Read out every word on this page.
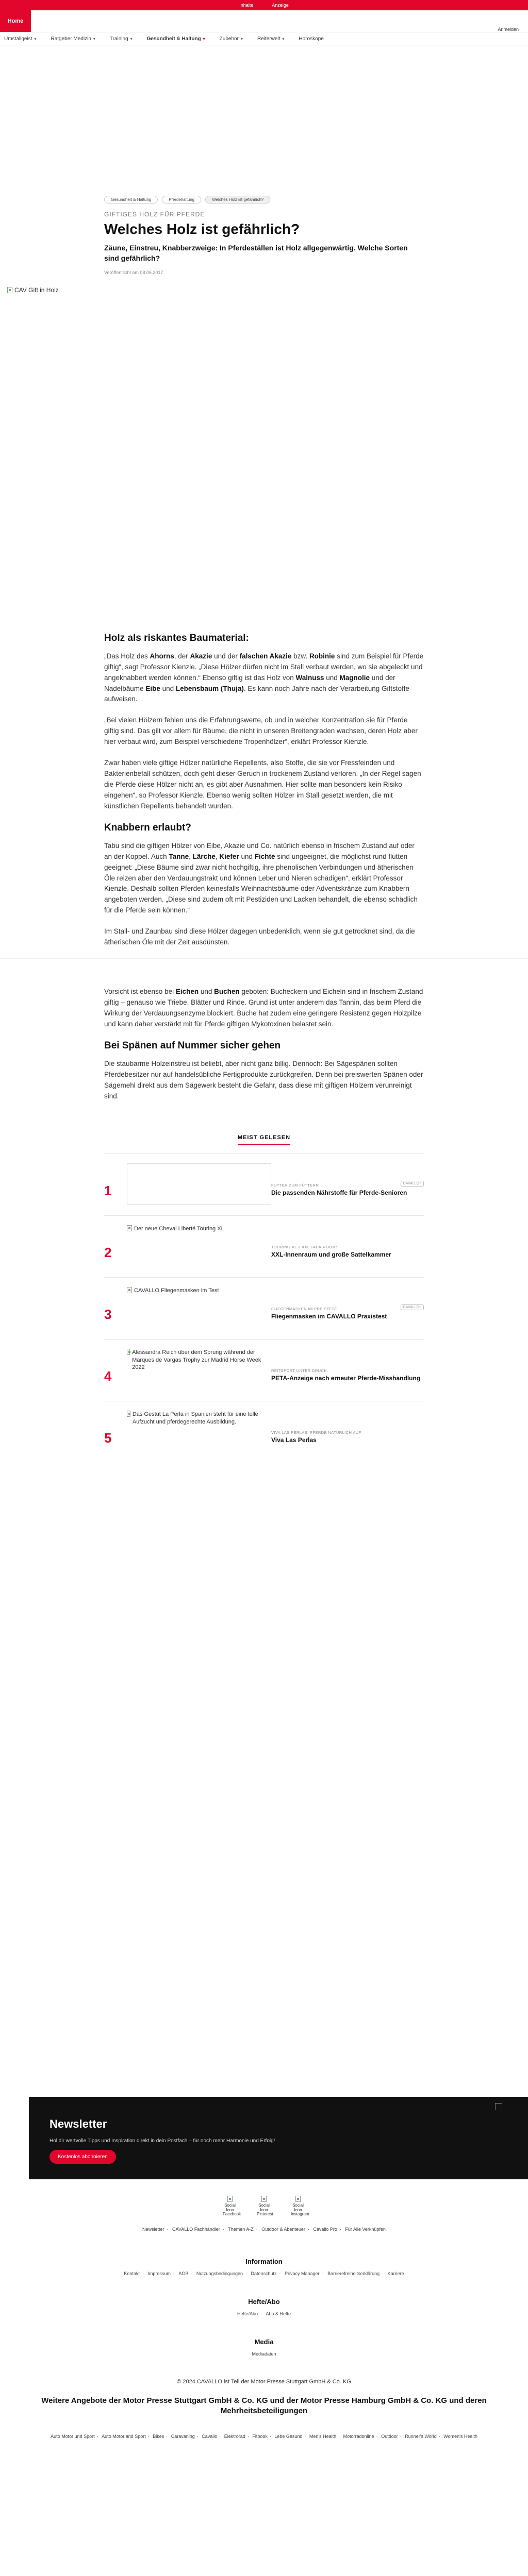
Inhalte	Anzeige
Home
Anmelden
Umstallgeist ▾	Ratgeber Medizin ▾	Training ▾	Gesundheit & Haltung ▾	Zubehör ▾	Reiterwelt ▾	Horoskope
Gesundheit & Haltung	Pferdehaltung	Welches Holz ist gefährlich?
GIFTIGES HOLZ FÜR PFERDE
Welches Holz ist gefährlich?

Zäune, Einstreu, Knabberzweige: In Pferdeställen ist Holz allgegenwärtig. Welche Sorten sind gefährlich?

Veröffentlicht am 08.06.2017
CAV Gift in Holz
Holz als riskantes Baumaterial:

„Das Holz des Ahorns, der Akazie und der falschen Akazie bzw. Robinie sind zum Beispiel für Pferde giftig“, sagt Professor Kienzle. „Diese Hölzer dürfen nicht im Stall verbaut werden, wo sie abgeleckt und angeknabbert werden können.“ Ebenso giftig ist das Holz von Walnuss und Magnolie und der Nadelbäume Eibe und Lebensbaum (Thuja). Es kann noch Jahre nach der Verarbeitung Giftstoffe aufweisen.

„Bei vielen Hölzern fehlen uns die Erfahrungswerte, ob und in welcher Konzentration sie für Pferde giftig sind. Das gilt vor allem für Bäume, die nicht in unseren Breitengraden wachsen, deren Holz aber hier verbaut wird, zum Beispiel verschiedene Tropenhölzer“, erklärt Professor Kienzle.

Zwar haben viele giftige Hölzer natürliche Repellents, also Stoffe, die sie vor Fressfeinden und Bakterienbefall schützen, doch geht dieser Geruch in trockenem Zustand verloren. „In der Regel sagen die Pferde diese Hölzer nicht an, es gibt aber Ausnahmen. Hier sollte man besonders kein Risiko eingehen“, so Professor Kienzle. Ebenso wenig sollten Hölzer im Stall gesetzt werden, die mit künstlichen Repellents behandelt wurden.

Knabbern erlaubt?

Tabu sind die giftigen Hölzer von Eibe, Akazie und Co. natürlich ebenso in frischem Zustand auf oder an der Koppel. Auch Tanne, Lärche, Kiefer und Fichte sind ungeeignet, die möglichst rund flutten geeignet: „Diese Bäume sind zwar nicht hochgiftig, ihre phenolischen Verbindungen und ätherischen Öle reizen aber den Verdauungstrakt und können Leber und Nieren schädigen“, erklärt Professor Kienzle. Deshalb sollten Pferden keinesfalls Weihnachtsbäume oder Adventskränze zum Knabbern angeboten werden. „Diese sind zudem oft mit Pestiziden und Lacken behandelt, die ebenso schädlich für die Pferde sein können.“

Im Stall- und Zaunbau sind diese Hölzer dagegen unbedenklich, wenn sie gut getrocknet sind, da die ätherischen Öle mit der Zeit ausdünsten.

Vorsicht ist ebenso bei Eichen und Buchen geboten: Bucheckern und Eicheln sind in frischem Zustand giftig – genauso wie Triebe, Blätter und Rinde. Grund ist unter anderem das Tannin, das beim Pferd die Wirkung der Verdauungsenzyme blockiert. Buche hat zudem eine geringere Resistenz gegen Holzpilze und kann daher verstärkt mit für Pferde giftigen Mykotoxinen belastet sein.

Bei Spänen auf Nummer sicher gehen

Die staubarme Holzeinstreu ist beliebt, aber nicht ganz billig. Dennoch: Bei Sägespänen sollten Pferdebesitzer nur auf handelsübliche Fertigprodukte zurückgreifen. Denn bei preiswerten Spänen oder Sägemehl direkt aus dem Sägewerk besteht die Gefahr, dass diese mit giftigen Hölzern verunreinigt sind.

MEIST GELESEN
1	FUTTER ZUM FÜTTERN
Die passenden Nährstoffe für Pferde-Senioren
CAVALLO+
2
Der neue Cheval Liberté Touring XL
TOURING XL + XXL TACK ROOMS
XXL-Innenraum und große Sattelkammer
3
CAVALLO Fliegenmasken im Test
FLIEGENMASKEN IM PREISTEST
Fliegenmasken im CAVALLO Praxistest
CAVALLO+
4
Alessandra Reich über dem Sprung während der Marques de Vargas Trophy zur Madrid Horse Week 2022
REITSPORT UNTER DRUCK
PETA-Anzeige nach erneuter Pferde-Misshandlung
5
Das Gestüt La Perla in Spanien steht für eine tolle Aufzucht und pferdegerechte Ausbildung.
VIVA LAS PERLAS: PFERDE NATÜRLICH AUF
Viva Las Perlas
Newsletter

Hol dir wertvolle Tipps und Inspiration direkt in dein Postfach – für noch mehr Harmonie und Erfolg!

Kostenlos abonnieren
Social Icon Facebook
Social Icon Pinterest
Social Icon Instagram
Newsletter · CAVALLO Fachhändler · Themen A-Z · Outdoor & Abenteuer · Cavallo Pro · Für Alle Verknüpfen
Information
Kontakt · Impressum · AGB · Nutzungsbedingungen · Datenschutz · Privacy Manager · Barrierefreiheitserklärung · Karriere
Hefte/Abo
Hefte/Abo · Abo & Hefte
Media
Mediadaten
© 2024 CAVALLO ist Teil der Motor Presse Stuttgart GmbH & Co. KG
Weitere Angebote der Motor Presse Stuttgart GmbH & Co. KG und der Motor Presse Hamburg GmbH & Co. KG und deren Mehrheitsbeteiligungen
Auto Motor und Sport · Auto Motor and Sport · Bikes · Caravaning · Cavallo · Elektrorad · Fitbook · Lebe Gesund · Men's Health · Motorradonline · Outdoor · Runner's World · Women's Health
